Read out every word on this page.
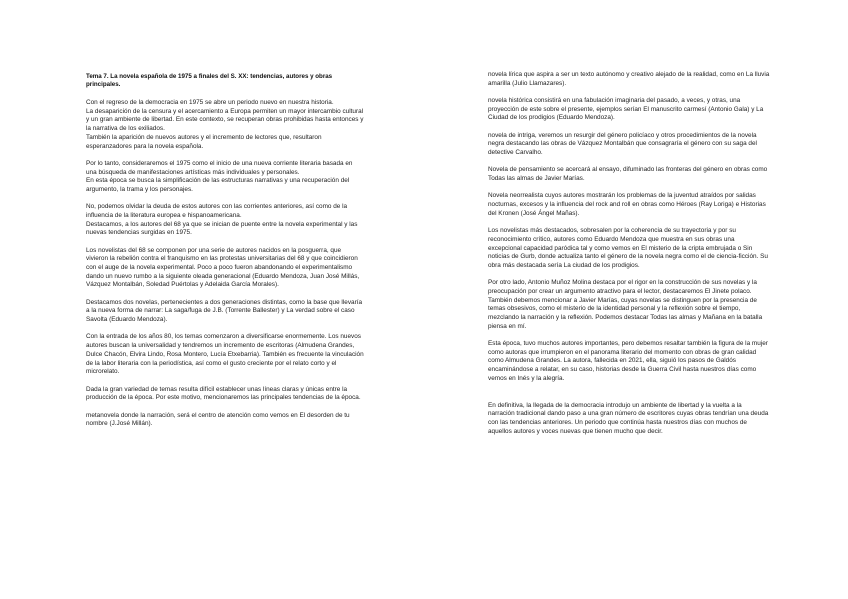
Tema 7. La novela española de 1975 a finales del S. XX: tendencias, autores y obras principales.

Con el regreso de la democracia en 1975 se abre un periodo nuevo en nuestra historia.
La desaparición de la censura y el acercamiento a Europa permiten un mayor intercambio cultural y un gran ambiente de libertad. En este contexto, se recuperan obras prohibidas hasta entonces y la narrativa de los exiliados.
También la aparición de nuevos autores y el incremento de lectores que, resultaron esperanzadores para la novela española.

Por lo tanto, consideraremos el 1975 como el inicio de una nueva corriente literaria basada en una búsqueda de manifestaciones artísticas más individuales y personales.
En esta época se busca la simplificación de las estructuras narrativas y una recuperación del argumento, la trama y los personajes.

No, podemos olvidar la deuda de estos autores con las corrientes anteriores, así como de la influencia de la literatura europea e hispanoamericana.
Destacamos, a los autores del 68 ya que se inician de puente entre la novela experimental y las nuevas tendencias surgidas en 1975.

Los novelistas del 68 se componen por una serie de autores nacidos en la posguerra, que vivieron la rebelión contra el franquismo en las protestas universitarias del 68 y que coincidieron con el auge de la novela experimental. Poco a poco fueron abandonando el experimentalismo dando un nuevo rumbo a la siguiente oleada generacional (Eduardo Mendoza, Juan José Millás, Vázquez Montalbán, Soledad Puértolas y Adelaida García Morales).

Destacamos dos novelas, pertenecientes a dos generaciones distintas, como la base que llevaría a la nueva forma de narrar: La saga/fuga de J.B. (Torrente Ballester) y La verdad sobre el caso Savolta (Eduardo Mendoza).

Con la entrada de los años 80, los temas comenzaron a diversificarse enormemente. Los nuevos autores buscan la universalidad y tendremos un incremento de escritoras (Almudena Grandes, Dulce Chacón, Elvira Lindo, Rosa Montero, Lucía Etxebarria). También es frecuente la vinculación de la labor literaria con la periodística, así como el gusto creciente por el relato corto y el microrelato.

Dada la gran variedad de temas resulta difícil establecer unas líneas claras y únicas entre la producción de la época. Por este motivo, mencionaremos las principales tendencias de la época.

metanovela donde la narración, será el centro de atención como vemos en El desorden de tu nombre (J.José Millán).

novela lírica que aspira a ser un texto autónomo y creativo alejado de la realidad, como en La lluvia amarilla (Julio Llamazares).

novela histórica consistirá en una fabulación imaginaria del pasado, a veces, y otras, una proyección de este sobre el presente, ejemplos serían El manuscrito carmesí (Antonio Gala) y La Ciudad de los prodigios (Eduardo Mendoza).

novela de intriga, veremos un resurgir del género policíaco y otros procedimientos de la novela negra destacando las obras de Vázquez Montalbán que consagraría el género con su saga del detective Carvalho.

Novela de pensamiento se acercará al ensayo, difuminado las fronteras del género en obras como Todas las almas de Javier Marías.

Novela neorrealista cuyos autores mostrarán los problemas de la juventud atraídos por salidas nocturnas, excesos y la influencia del rock and roll en obras como Héroes (Ray Loriga) e Historias del Kronen (José Ángel Mañas).

Los novelistas más destacados, sobresalen por la coherencia de su trayectoria y por su reconocimiento crítico, autores como Eduardo Mendoza que muestra en sus obras una excepcional capacidad paródica tal y como vemos en El misterio de la cripta embrujada o Sin noticias de Gurb, donde actualiza tanto el género de la novela negra como el de ciencia-ficción. Su obra más destacada sería La ciudad de los prodigios.

Por otro lado, Antonio Muñoz Molina destaca por el rigor en la construcción de sus novelas y la preocupación por crear un argumento atractivo para el lector, destacaremos El Jinete polaco.
También debemos mencionar a Javier Marías, cuyas novelas se distinguen por la presencia de temas obsesivos, como el misterio de la identidad personal y la reflexión sobre el tiempo, mezclando la narración y la reflexión. Podemos destacar Todas las almas y Mañana en la batalla piensa en mí.

Esta época, tuvo muchos autores importantes, pero debemos resaltar también la figura de la mujer como autoras que irrumpieron en el panorama literario del momento con obras de gran calidad como Almudena Grandes. La autora, fallecida en 2021, ella, siguió los pasos de Galdós encaminándose a relatar, en su caso, historias desde la Guerra Civil hasta nuestros días como vemos en Inés y la alegría.

En definitiva, la llegada de la democracia introdujo un ambiente de libertad y la vuelta a la narración tradicional dando paso a una gran número de escritores cuyas obras tendrían una deuda con las tendencias anteriores. Un periodo que continúa hasta nuestros días con muchos de aquellos autores y voces nuevas que tienen mucho que decir.
